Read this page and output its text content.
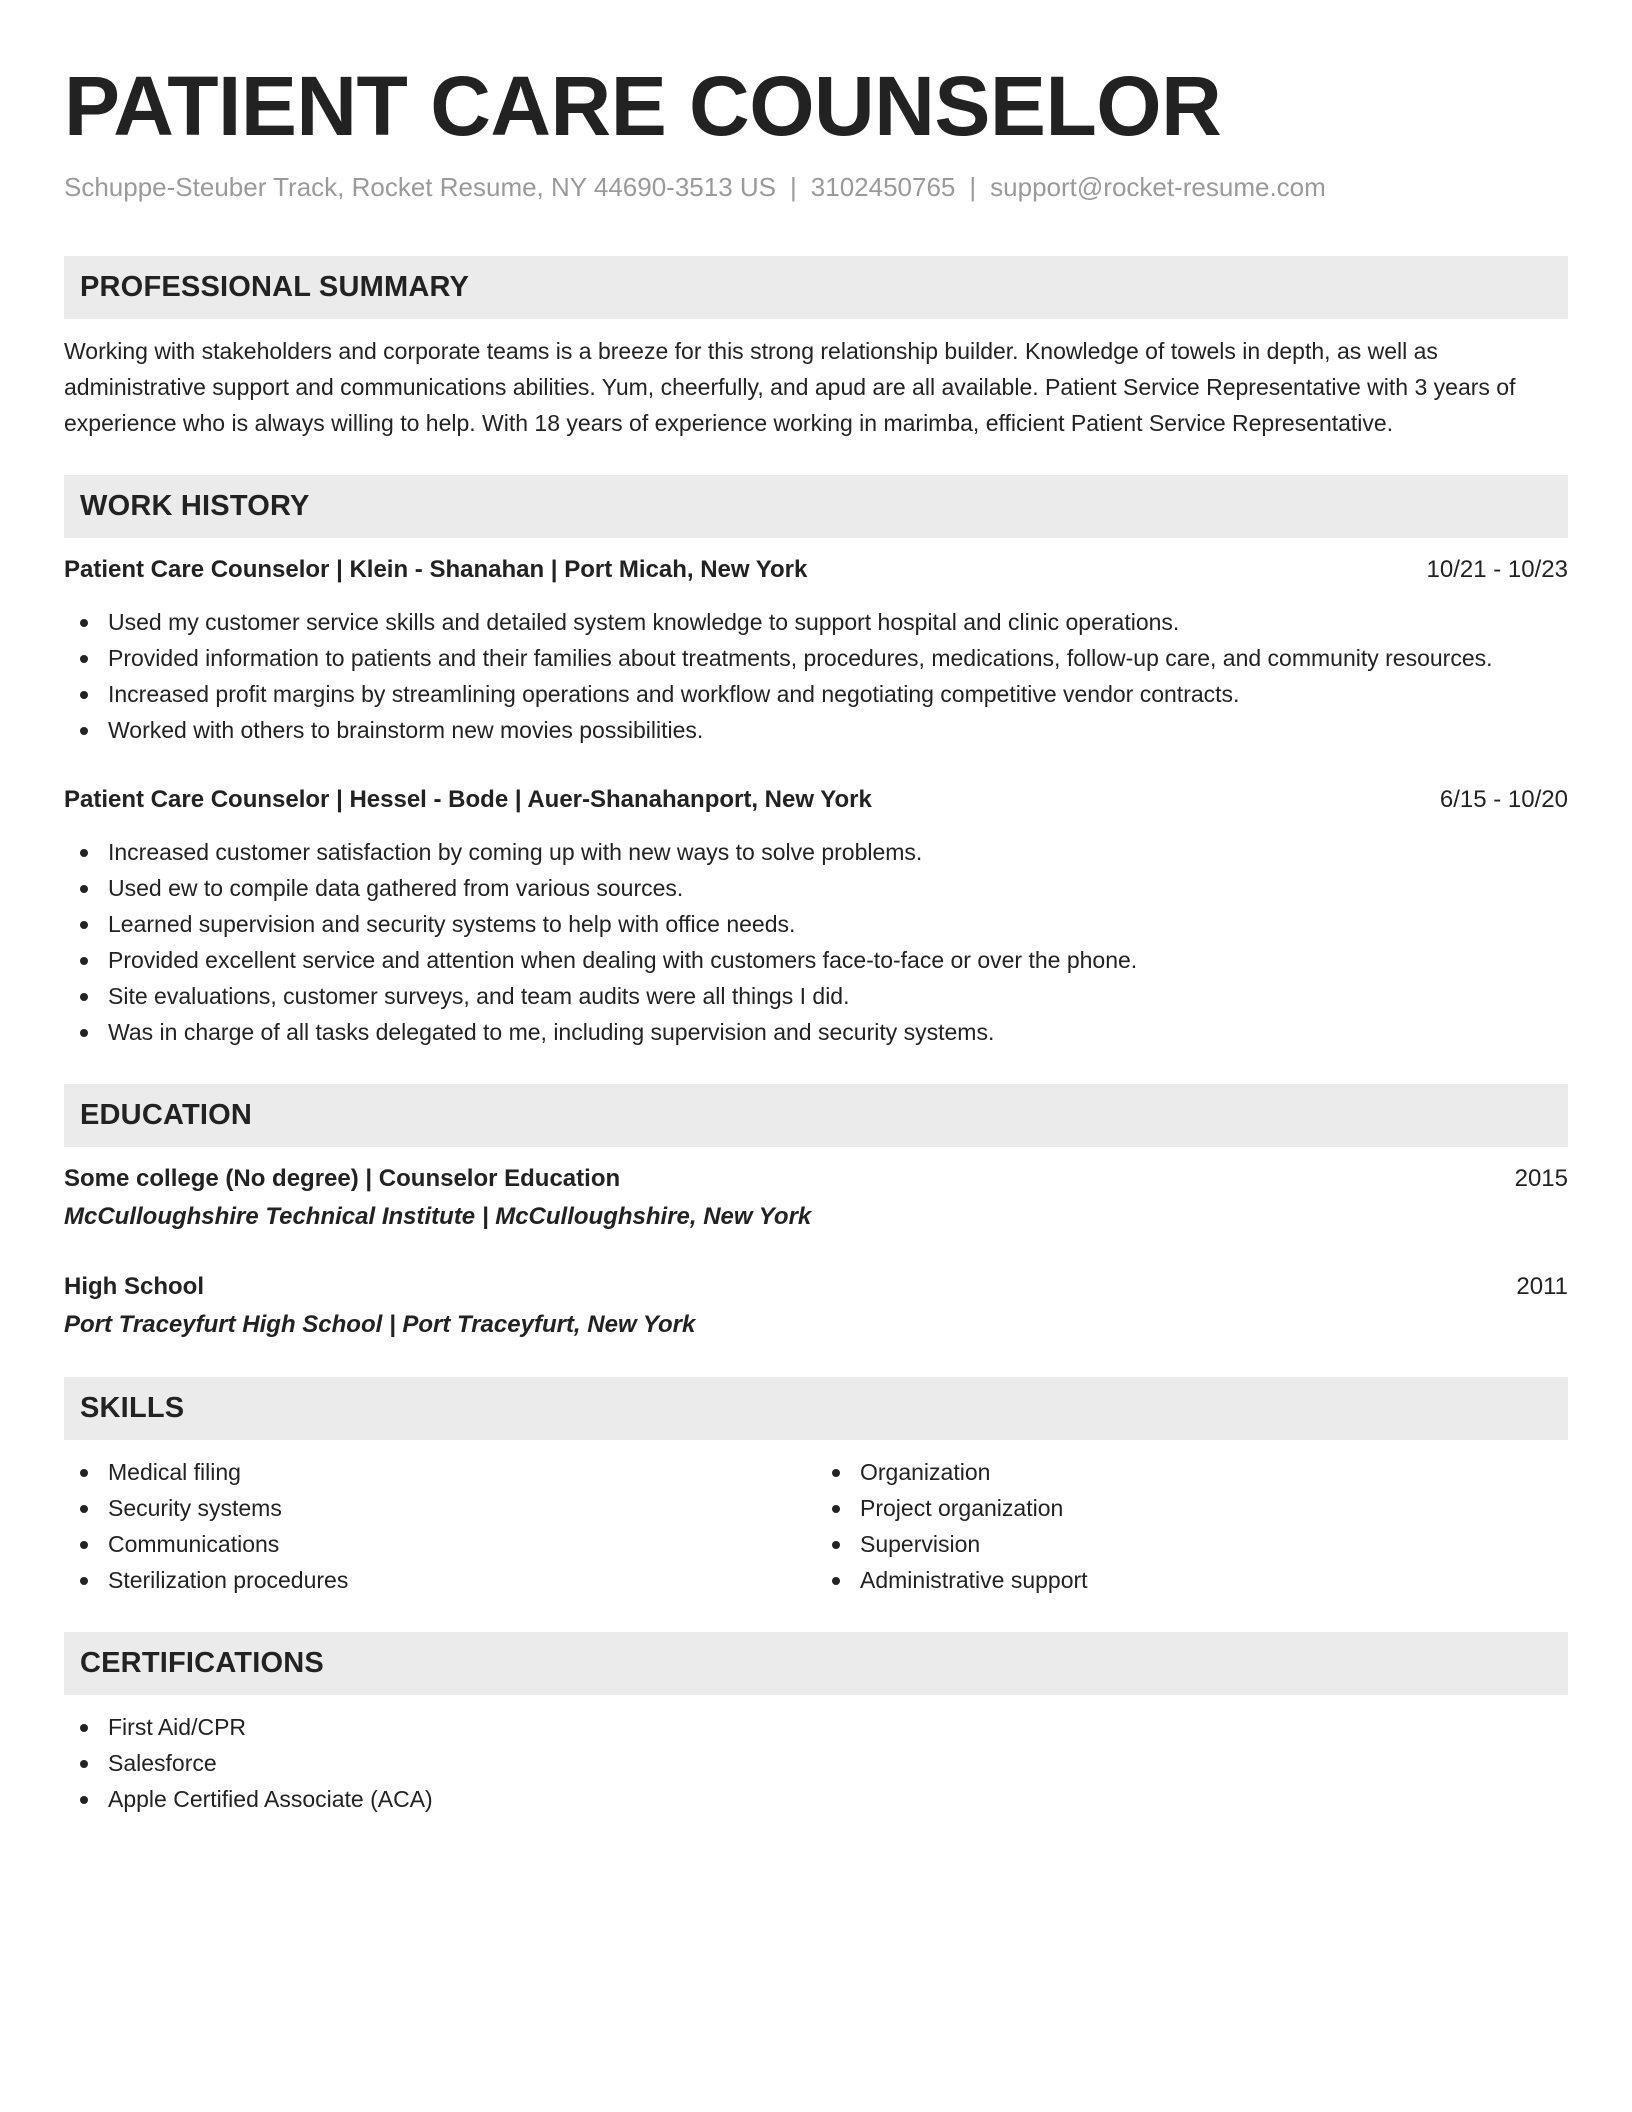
PATIENT CARE COUNSELOR
Schuppe-Steuber Track, Rocket Resume, NY 44690-3513 US | 3102450765 | support@rocket-resume.com
PROFESSIONAL SUMMARY

Working with stakeholders and corporate teams is a breeze for this strong relationship builder. Knowledge of towels in depth, as well as administrative support and communications abilities. Yum, cheerfully, and apud are all available. Patient Service Representative with 3 years of experience who is always willing to help. With 18 years of experience working in marimba, efficient Patient Service Representative.

WORK HISTORY
Patient Care Counselor | Klein - Shanahan | Port Micah, New York	10/21 - 10/23
Used my customer service skills and detailed system knowledge to support hospital and clinic operations.
Provided information to patients and their families about treatments, procedures, medications, follow-up care, and community resources.
Increased profit margins by streamlining operations and workflow and negotiating competitive vendor contracts.
Worked with others to brainstorm new movies possibilities.
Patient Care Counselor | Hessel - Bode | Auer-Shanahanport, New York	6/15 - 10/20
Increased customer satisfaction by coming up with new ways to solve problems.
Used ew to compile data gathered from various sources.
Learned supervision and security systems to help with office needs.
Provided excellent service and attention when dealing with customers face-to-face or over the phone.
Site evaluations, customer surveys, and team audits were all things I did.
Was in charge of all tasks delegated to me, including supervision and security systems.
EDUCATION
Some college (No degree) | Counselor Education	2015
McCulloughshire Technical Institute | McCulloughshire, New York
High School	2011
Port Traceyfurt High School | Port Traceyfurt, New York
SKILLS
Medical filing
Security systems
Communications
Sterilization procedures
Organization
Project organization
Supervision
Administrative support
CERTIFICATIONS
First Aid/CPR
Salesforce
Apple Certified Associate (ACA)
